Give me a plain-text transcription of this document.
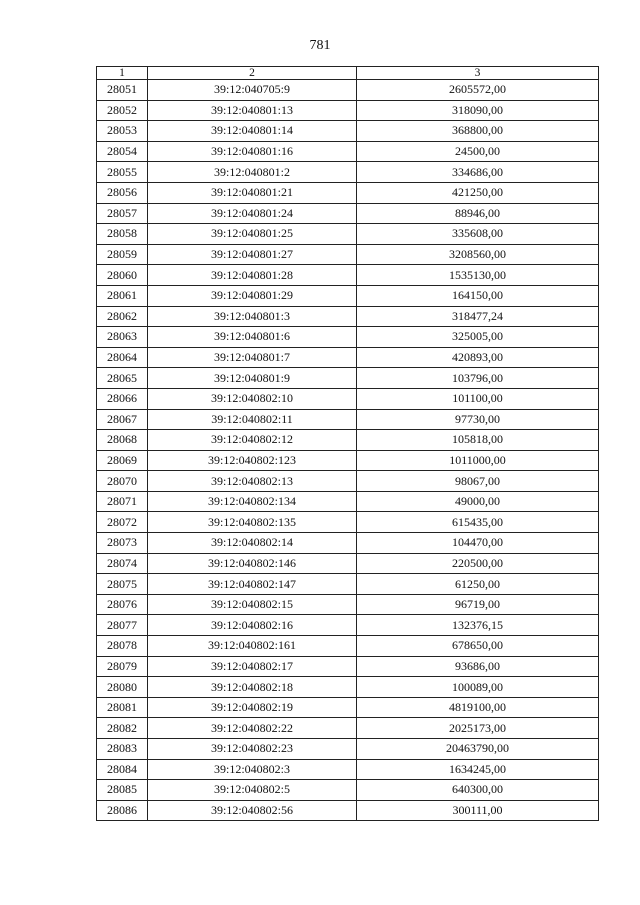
781
1	2	3
28051	39:12:040705:9	2605572,00
28052	39:12:040801:13	318090,00
28053	39:12:040801:14	368800,00
28054	39:12:040801:16	24500,00
28055	39:12:040801:2	334686,00
28056	39:12:040801:21	421250,00
28057	39:12:040801:24	88946,00
28058	39:12:040801:25	335608,00
28059	39:12:040801:27	3208560,00
28060	39:12:040801:28	1535130,00
28061	39:12:040801:29	164150,00
28062	39:12:040801:3	318477,24
28063	39:12:040801:6	325005,00
28064	39:12:040801:7	420893,00
28065	39:12:040801:9	103796,00
28066	39:12:040802:10	101100,00
28067	39:12:040802:11	97730,00
28068	39:12:040802:12	105818,00
28069	39:12:040802:123	1011000,00
28070	39:12:040802:13	98067,00
28071	39:12:040802:134	49000,00
28072	39:12:040802:135	615435,00
28073	39:12:040802:14	104470,00
28074	39:12:040802:146	220500,00
28075	39:12:040802:147	61250,00
28076	39:12:040802:15	96719,00
28077	39:12:040802:16	132376,15
28078	39:12:040802:161	678650,00
28079	39:12:040802:17	93686,00
28080	39:12:040802:18	100089,00
28081	39:12:040802:19	4819100,00
28082	39:12:040802:22	2025173,00
28083	39:12:040802:23	20463790,00
28084	39:12:040802:3	1634245,00
28085	39:12:040802:5	640300,00
28086	39:12:040802:56	300111,00
